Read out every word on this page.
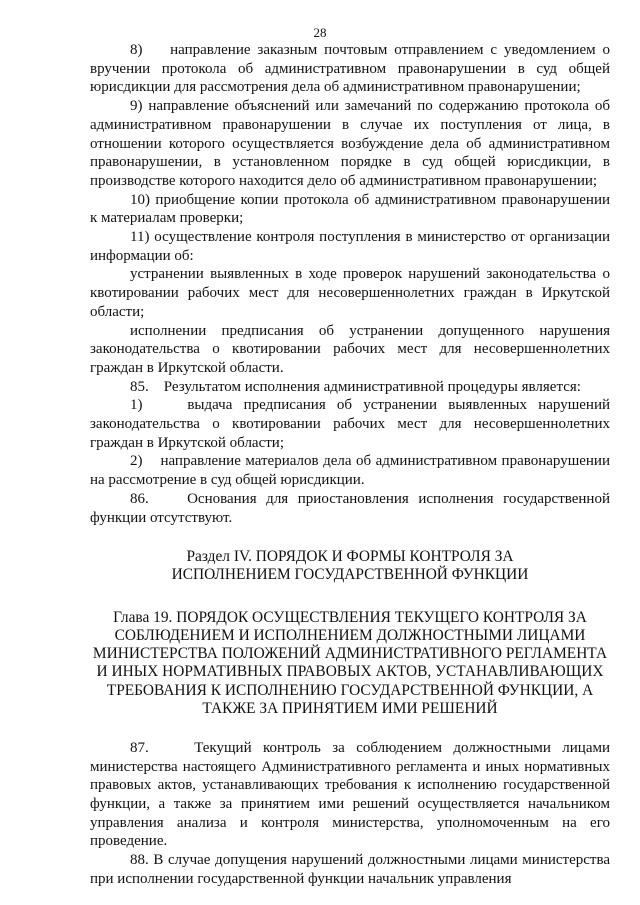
28

8)    направление заказным почтовым отправлением с уведомлением о вручении протокола об административном правонарушении в суд общей юрисдикции для рассмотрения дела об административном правонарушении;

9) направление объяснений или замечаний по содержанию протокола об административном правонарушении в случае их поступления от лица, в отношении которого осуществляется возбуждение дела об административном правонарушении, в установленном порядке в суд общей юрисдикции, в производстве которого находится дело об административном правонарушении;

10) приобщение копии протокола об административном правонарушении к материалам проверки;

11) осуществление контроля поступления в министерство от организации информации об:

устранении выявленных в ходе проверок нарушений законодательства о квотировании рабочих мест для несовершеннолетних граждан в Иркутской области;

исполнении предписания об устранении допущенного нарушения законодательства о квотировании рабочих мест для несовершеннолетних граждан в Иркутской области.

85.    Результатом исполнения административной процедуры является:

1)    выдача предписания об устранении выявленных нарушений законодательства о квотировании рабочих мест для несовершеннолетних граждан в Иркутской области;

2)    направление материалов дела об административном правонарушении на рассмотрение в суд общей юрисдикции.

86.    Основания для приостановления исполнения государственной функции отсутствуют.

Раздел IV. ПОРЯДОК И ФОРМЫ КОНТРОЛЯ ЗА
ИСПОЛНЕНИЕМ ГОСУДАРСТВЕННОЙ ФУНКЦИИ
Глава 19. ПОРЯДОК ОСУЩЕСТВЛЕНИЯ ТЕКУЩЕГО КОНТРОЛЯ ЗА
СОБЛЮДЕНИЕМ И ИСПОЛНЕНИЕМ ДОЛЖНОСТНЫМИ ЛИЦАМИ
МИНИСТЕРСТВА ПОЛОЖЕНИЙ АДМИНИСТРАТИВНОГО РЕГЛАМЕНТА
И ИНЫХ НОРМАТИВНЫХ ПРАВОВЫХ АКТОВ, УСТАНАВЛИВАЮЩИХ
ТРЕБОВАНИЯ К ИСПОЛНЕНИЮ ГОСУДАРСТВЕННОЙ ФУНКЦИИ, А
ТАКЖЕ ЗА ПРИНЯТИЕМ ИМИ РЕШЕНИЙ

87.    Текущий контроль за соблюдением должностными лицами министерства настоящего Административного регламента и иных нормативных правовых актов, устанавливающих требования к исполнению государственной функции, а также за принятием ими решений осуществляется начальником управления анализа и контроля министерства, уполномоченным на его проведение.

88. В случае допущения нарушений должностными лицами министерства при исполнении государственной функции начальник управления
